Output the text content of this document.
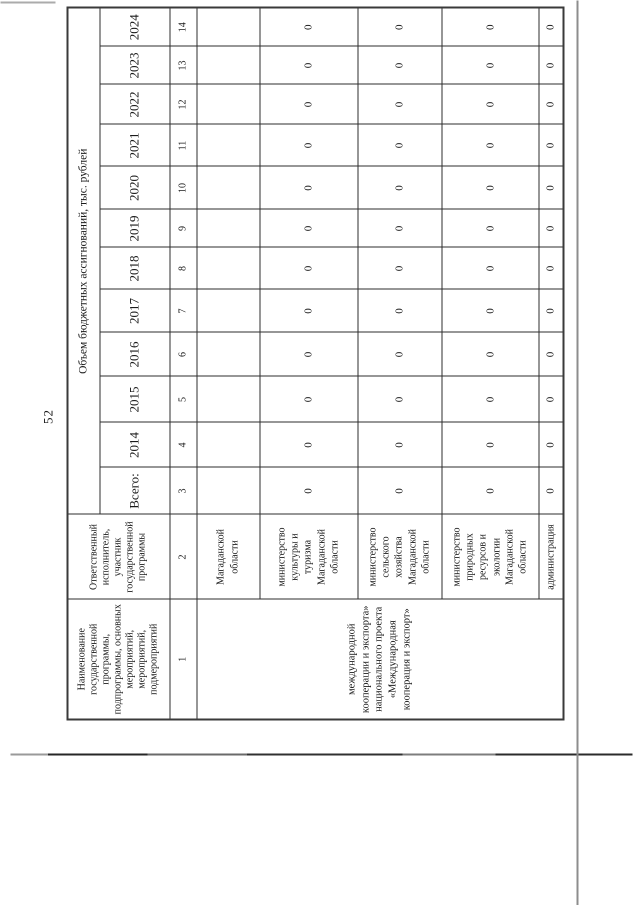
52
Наименование государственной программы, подпрограммы, основных мероприятий, мероприятий, подмероприятий	Ответственный исполнитель, участник государственной программы	Объем бюджетных ассигнований, тыс. рублей											
		Всего:	2014	2015	2016	2017	2018	2019	2020	2021	2022	2023	2024
1	2	3	4	5	6	7	8	9	10	11	12	13	14
международной кооперации и экспорта» национального проекта «Международная кооперация и экспорт»	Магаданской области												
	министерство культуры и туризма Магаданской области	0	0	0	0	0	0	0	0	0	0	0	0
	министерство сельского хозяйства Магаданской области	0	0	0	0	0	0	0	0	0	0	0	0
	министерство природных ресурсов и экологии Магаданской области	0	0	0	0	0	0	0	0	0	0	0	0
	администрация	0	0	0	0	0	0	0	0	0	0	0	0
